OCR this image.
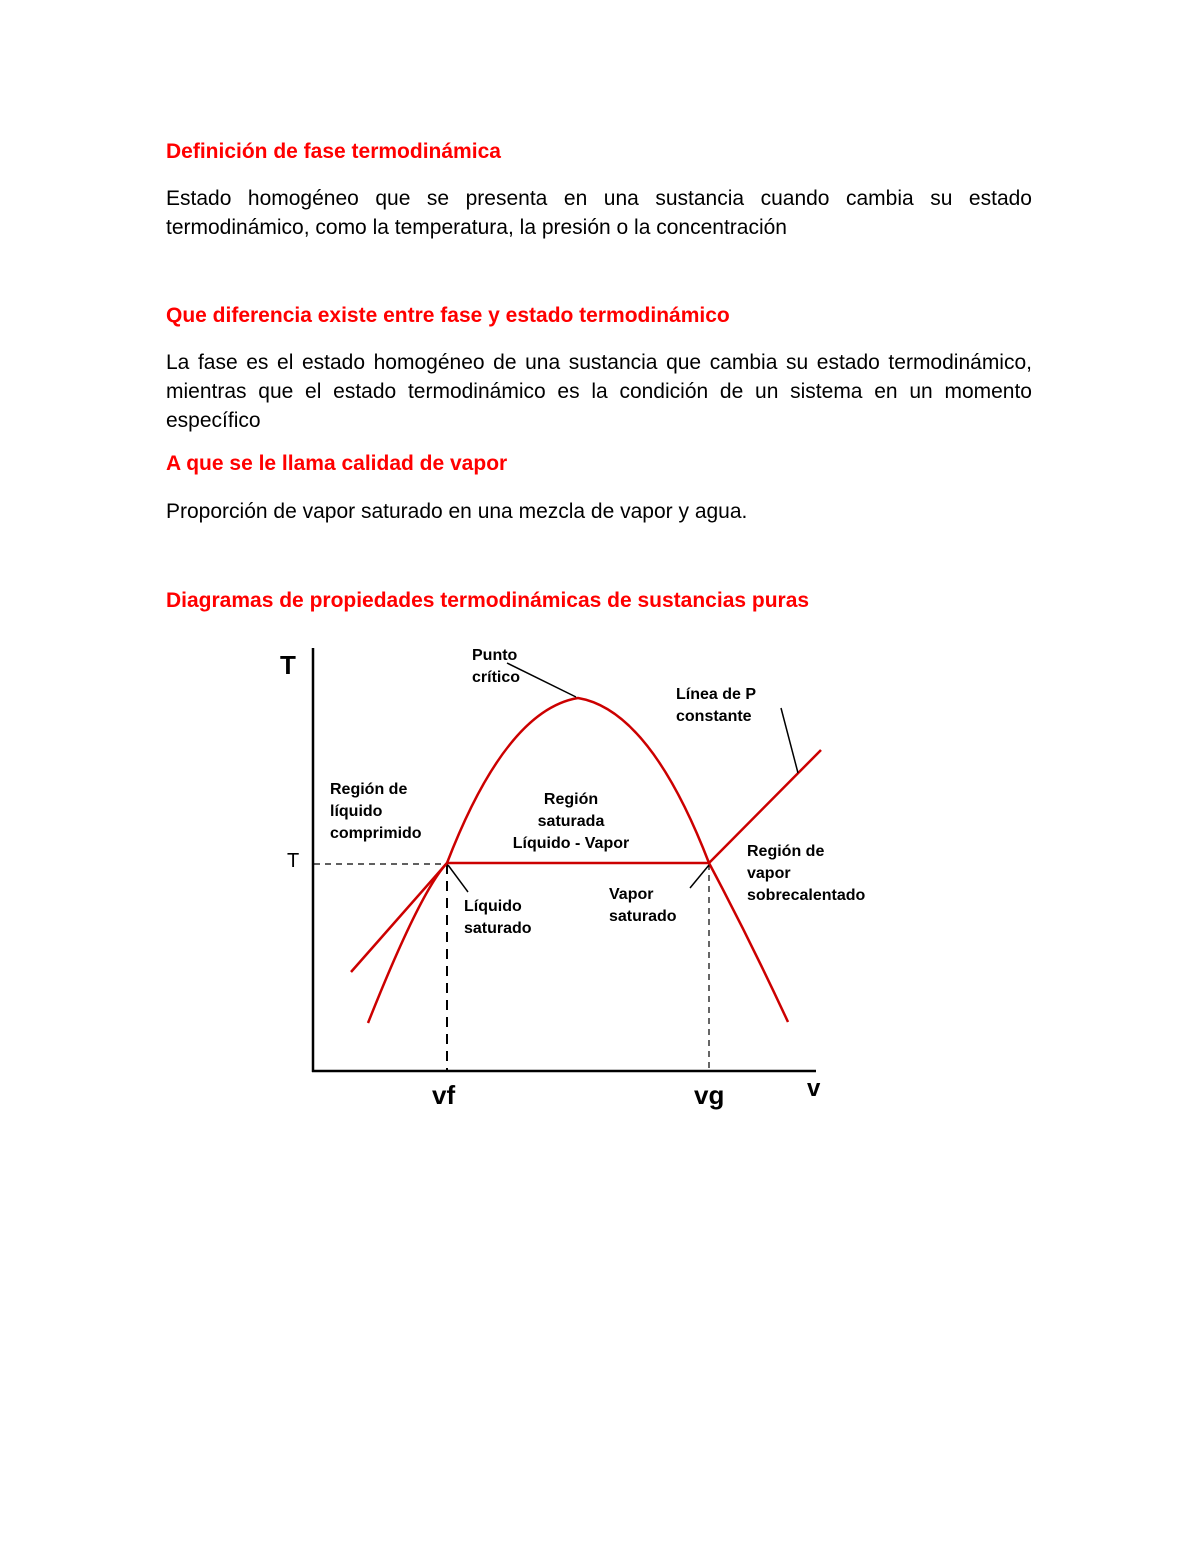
Definición de fase termodinámica

Estado homogéneo que se presenta en una sustancia cuando cambia su estado termodinámico, como la temperatura, la presión o la concentración

Que diferencia existe entre fase y estado termodinámico

La fase es el estado homogéneo de una sustancia que cambia su estado termodinámico, mientras que el estado termodinámico es la condición de un sistema en un momento específico

A que se le llama calidad de vapor

Proporción de vapor saturado en una mezcla de vapor y agua.

Diagramas de propiedades termodinámicas de sustancias puras
T
T
vf	vg	v
Punto
crítico
Línea de P
constante
Región de
líquido
comprimido
Región
saturada
Líquido - Vapor	Región de
vapor
sobrecalentado
Líquido
saturado
Vapor
saturado
